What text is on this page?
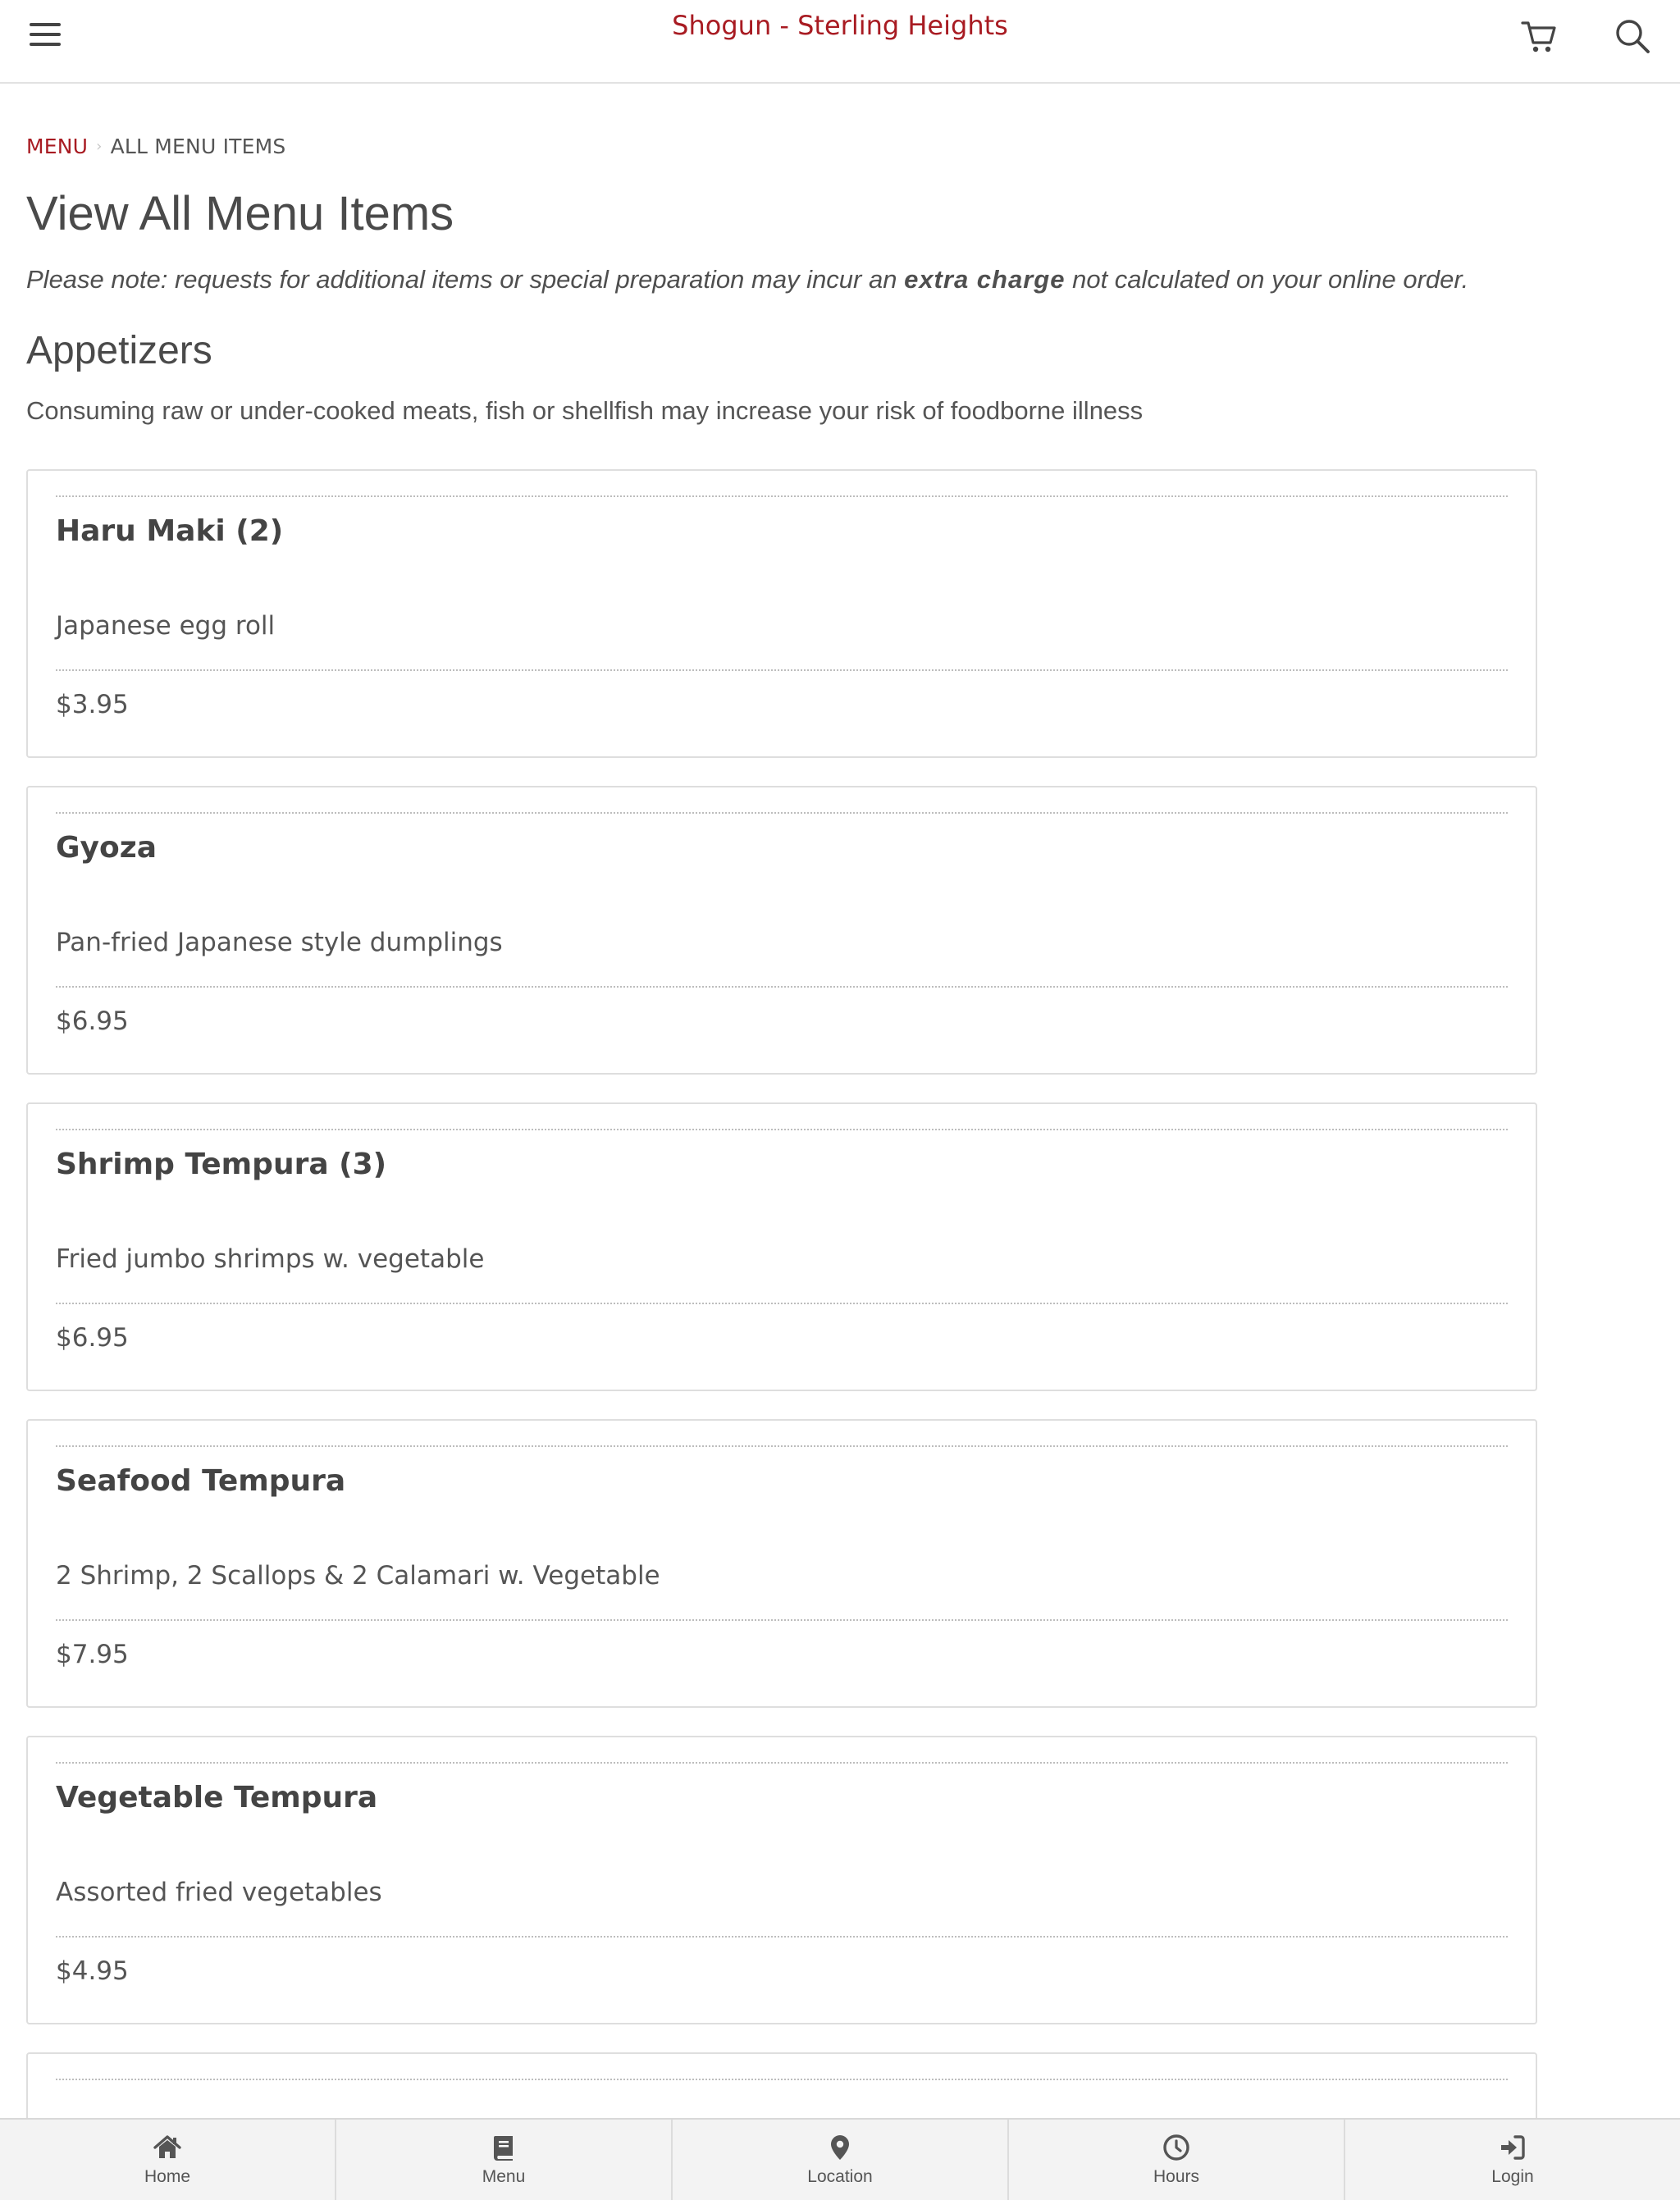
Shogun - Sterling Heights
MENU › ALL MENU ITEMS
View All Menu Items
Please note: requests for additional items or special preparation may incur an extra charge not calculated on your online order.
Appetizers
Consuming raw or under-cooked meats, fish or shellfish may increase your risk of foodborne illness
Haru Maki (2)
Japanese egg roll
$3.95
Gyoza
Pan-fried Japanese style dumplings
$6.95
Shrimp Tempura (3)
Fried jumbo shrimps w. vegetable
$6.95
Seafood Tempura
2 Shrimp, 2 Scallops & 2 Calamari w. Vegetable
$7.95
Vegetable Tempura
Assorted fried vegetables
$4.95
Home	Menu	Location	Hours	Login
